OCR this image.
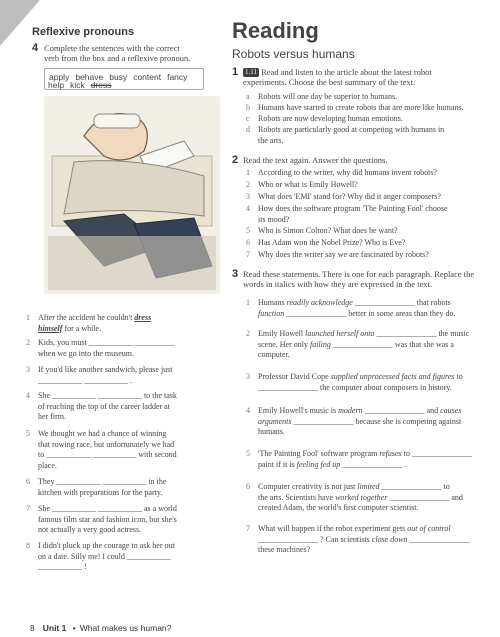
Reflexive pronouns
4 Complete the sentences with the correct
verb from the box and a reflexive pronoun.
apply behave busy content fancy
help kick dress
1 After the accident he couldn't dress
himself for a while.
2 Kids, you must ___________ __________
when we go into the museum.
3 If you'd like another sandwich, please just
___________ ___________ .
4 She ___________ ___________ to the task
of reaching the top of the career ladder at
her firm.
5 We thought we had a chance of winning
that rowing race, but unfortunately we had
to ___________ ___________ with second
place.
6 They ___________ ___________ in the
kitchen with preparations for the party.
7 She ___________ ___________ as a world
famous film star and fashion icon, but she's
not actually a very good actress.
8 I didn't pluck up the courage to ask her out
on a date. Silly me! I could ___________
___________ !
Reading
Robots versus humans
1 1.11 Read and listen to the article about the latest robot
experiments. Choose the best summary of the text.
a Robots will one day be superior to humans.
b Humans have started to create robots that are more like humans.
c Robots are now developing human emotions.
d Robots are particularly good at competing with humans in
the arts.
2 Read the text again. Answer the questions.
1 According to the writer, why did humans invent robots?
2 Who or what is Emily Howell?
3 What does 'EMI' stand for? Why did it anger composers?
4 How does the software program 'The Painting Fool' choose
its mood?
5 Who is Simon Colton? What does he want?
6 Has Adam won the Nobel Prize? Who is Eve?
7 Why does the writer say we are fascinated by robots?
3 Read these statements. There is one for each paragraph. Replace the
words in italics with how they are expressed in the text.
1 Humans readily acknowledge _______________ that robots
function _______________ better in some areas than they do.
2 Emily Howell launched herself onto _______________ the music
scene. Her only failing _______________ was that she was a
computer.
3 Professor David Cope supplied unprocessed facts and figures to
_______________ the computer about composers in history.
4 Emily Howell's music is modern _______________ and causes
arguments _______________ because she is competing against
humans.
5 'The Painting Fool' software program refuses to _______________
paint if it is feeling fed up _______________ .
6 Computer creativity is not just limited _______________ to
the arts. Scientists have worked together _______________ and
created Adam, the world's first computer scientist.
7 What will happen if the robot experiment gets out of control
_______________ ? Can scientists close down _______________
these machines?
8 Unit 1 • What makes us human?
